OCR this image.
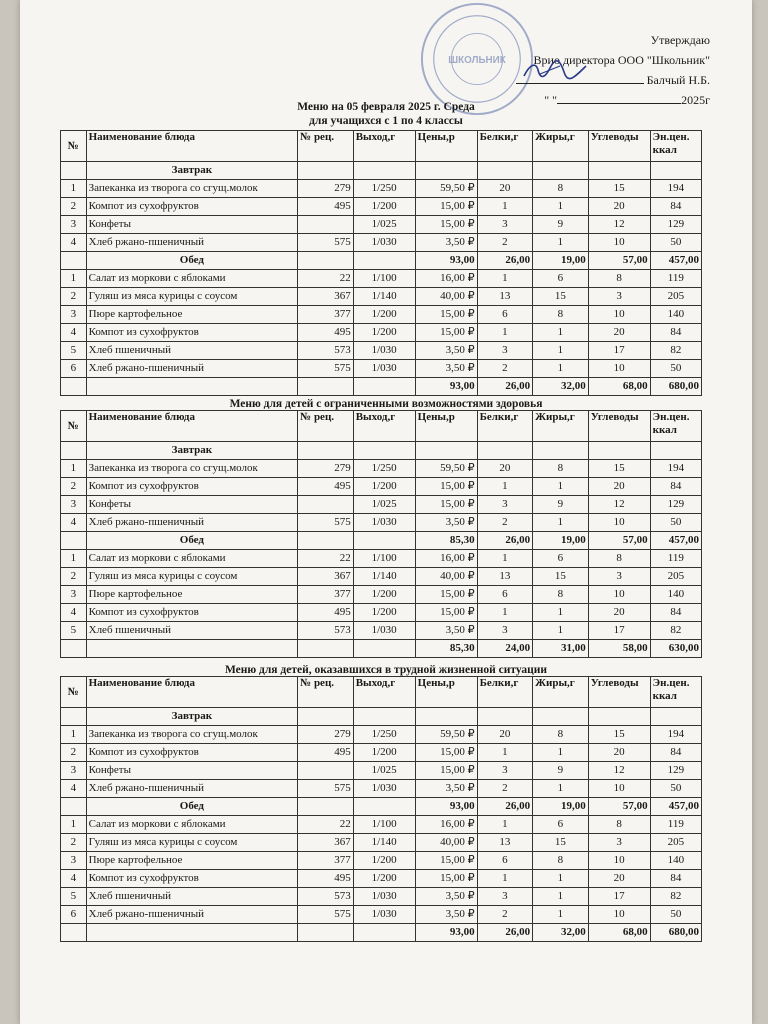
ШКОЛЬНИК
Утверждаю
Врио директора ООО "Школьник"
Балчый Н.Б.
" "	2025г
Меню на 05 февраля 2025 г. Среда
для учащихся с 1 по 4 классы
№	Наименование блюда	№ рец.	Выход,г	Цены,р	Белки,г	Жиры,г	Углеводы	Эн.цен. ккал
	Завтрак							
1	Запеканка из творога со сгущ.молок	279	1/250	59,50 ₽	20	8	15	194
2	Компот из сухофруктов	495	1/200	15,00 ₽	1	1	20	84
3	Конфеты		1/025	15,00 ₽	3	9	12	129
4	Хлеб ржано-пшеничный	575	1/030	3,50 ₽	2	1	10	50
	Обед			93,00	26,00	19,00	57,00	457,00
1	Салат из моркови с яблоками	22	1/100	16,00 ₽	1	6	8	119
2	Гуляш из мяса курицы с соусом	367	1/140	40,00 ₽	13	15	3	205
3	Пюре картофельное	377	1/200	15,00 ₽	6	8	10	140
4	Компот из сухофруктов	495	1/200	15,00 ₽	1	1	20	84
5	Хлеб пшеничный	573	1/030	3,50 ₽	3	1	17	82
6	Хлеб ржано-пшеничный	575	1/030	3,50 ₽	2	1	10	50
				93,00	26,00	32,00	68,00	680,00
Меню для детей с ограниченными возможностями здоровья
№	Наименование блюда	№ рец.	Выход,г	Цены,р	Белки,г	Жиры,г	Углеводы	Эн.цен. ккал
	Завтрак							
1	Запеканка из творога со сгущ.молок	279	1/250	59,50 ₽	20	8	15	194
2	Компот из сухофруктов	495	1/200	15,00 ₽	1	1	20	84
3	Конфеты		1/025	15,00 ₽	3	9	12	129
4	Хлеб ржано-пшеничный	575	1/030	3,50 ₽	2	1	10	50
	Обед			85,30	26,00	19,00	57,00	457,00
1	Салат из моркови с яблоками	22	1/100	16,00 ₽	1	6	8	119
2	Гуляш из мяса курицы с соусом	367	1/140	40,00 ₽	13	15	3	205
3	Пюре картофельное	377	1/200	15,00 ₽	6	8	10	140
4	Компот из сухофруктов	495	1/200	15,00 ₽	1	1	20	84
5	Хлеб пшеничный	573	1/030	3,50 ₽	3	1	17	82
				85,30	24,00	31,00	58,00	630,00
Меню для детей, оказавшихся в трудной жизненной ситуации
№	Наименование блюда	№ рец.	Выход,г	Цены,р	Белки,г	Жиры,г	Углеводы	Эн.цен. ккал
	Завтрак							
1	Запеканка из творога со сгущ.молок	279	1/250	59,50 ₽	20	8	15	194
2	Компот из сухофруктов	495	1/200	15,00 ₽	1	1	20	84
3	Конфеты		1/025	15,00 ₽	3	9	12	129
4	Хлеб ржано-пшеничный	575	1/030	3,50 ₽	2	1	10	50
	Обед			93,00	26,00	19,00	57,00	457,00
1	Салат из моркови с яблоками	22	1/100	16,00 ₽	1	6	8	119
2	Гуляш из мяса курицы с соусом	367	1/140	40,00 ₽	13	15	3	205
3	Пюре картофельное	377	1/200	15,00 ₽	6	8	10	140
4	Компот из сухофруктов	495	1/200	15,00 ₽	1	1	20	84
5	Хлеб пшеничный	573	1/030	3,50 ₽	3	1	17	82
6	Хлеб ржано-пшеничный	575	1/030	3,50 ₽	2	1	10	50
				93,00	26,00	32,00	68,00	680,00
